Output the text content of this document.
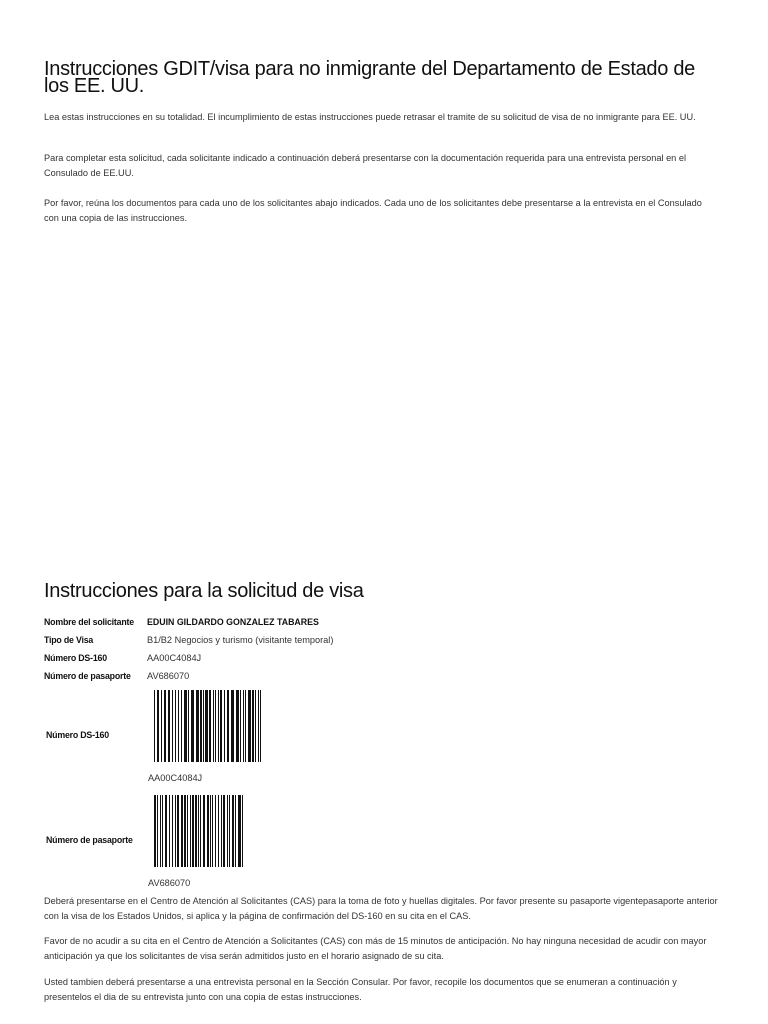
Instrucciones GDIT/visa para no inmigrante del Departamento de Estado de los EE. UU.

Lea estas instrucciones en su totalidad. El incumplimiento de estas instrucciones puede retrasar el tramite de su solicitud de visa de no inmigrante para EE. UU.

Para completar esta solicitud, cada solicitante indicado a continuación deberá presentarse con la documentación requerida para una entrevista personal en el Consulado de EE.UU.

Por favor, reúna los documentos para cada uno de los solicitantes abajo indicados. Cada uno de los solicitantes debe presentarse a la entrevista en el Consulado con una copia de las instrucciones.

Instrucciones para la solicitud de visa
Nombre del solicitante	EDUIN GILDARDO GONZALEZ TABARES
Tipo de Visa	B1/B2 Negocios y turismo (visitante temporal)
Número DS-160	AA00C4084J
Número de pasaporte	AV686070
Número DS-160
AA00C4084J
Número de pasaporte
AV686070

Deberá presentarse en el Centro de Atención al Solicitantes (CAS) para la toma de foto y huellas digitales. Por favor presente su pasaporte vigentepasaporte anterior con la visa de los Estados Unidos, si aplica y la página de confirmación del DS-160 en su cita en el CAS.

Favor de no acudir a su cita en el Centro de Atención a Solicitantes (CAS) con más de 15 minutos de anticipación. No hay ninguna necesidad de acudir con mayor anticipación ya que los solicitantes de visa serán admitidos justo en el horario asignado de su cita.

Usted tambien deberá presentarse a una entrevista personal en la Sección Consular. Por favor, recopile los documentos que se enumeran a continuación y presentelos el dia de su entrevista junto con una copia de estas instrucciones.
